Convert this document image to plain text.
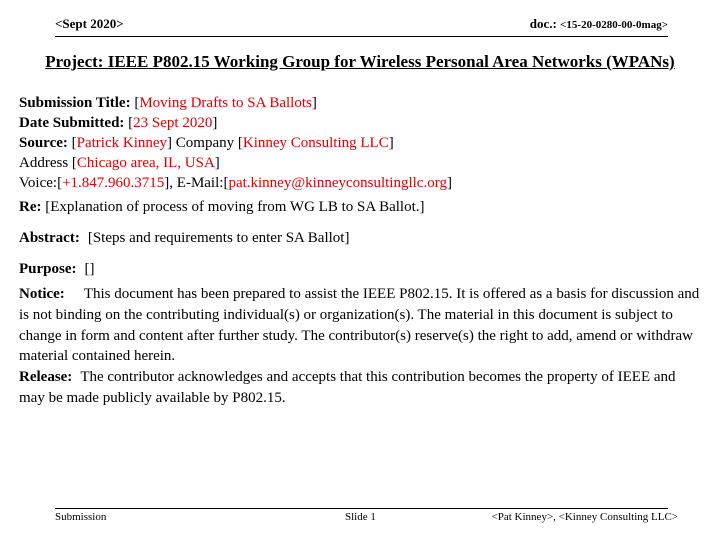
<Sept 2020>	doc.: <15-20-0280-00-0mag>
Project: IEEE P802.15 Working Group for Wireless Personal Area Networks (WPANs)
Submission Title: [Moving Drafts to SA Ballots]
Date Submitted: [23 Sept 2020]
Source: [Patrick Kinney] Company [Kinney Consulting LLC]
Address [Chicago area, IL, USA]
Voice:[+1.847.960.3715], E-Mail:[pat.kinney@kinneyconsultingllc.org]
Re: [Explanation of process of moving from WG LB to SA Ballot.]
Abstract: [Steps and requirements to enter SA Ballot]
Purpose: []
Notice: This document has been prepared to assist the IEEE P802.15. It is offered as a basis for discussion and is not binding on the contributing individual(s) or organization(s). The material in this document is subject to change in form and content after further study. The contributor(s) reserve(s) the right to add, amend or withdraw material contained herein.
Release: The contributor acknowledges and accepts that this contribution becomes the property of IEEE and may be made publicly available by P802.15.
Submission	Slide 1	<Pat Kinney>, <Kinney Consulting LLC>
